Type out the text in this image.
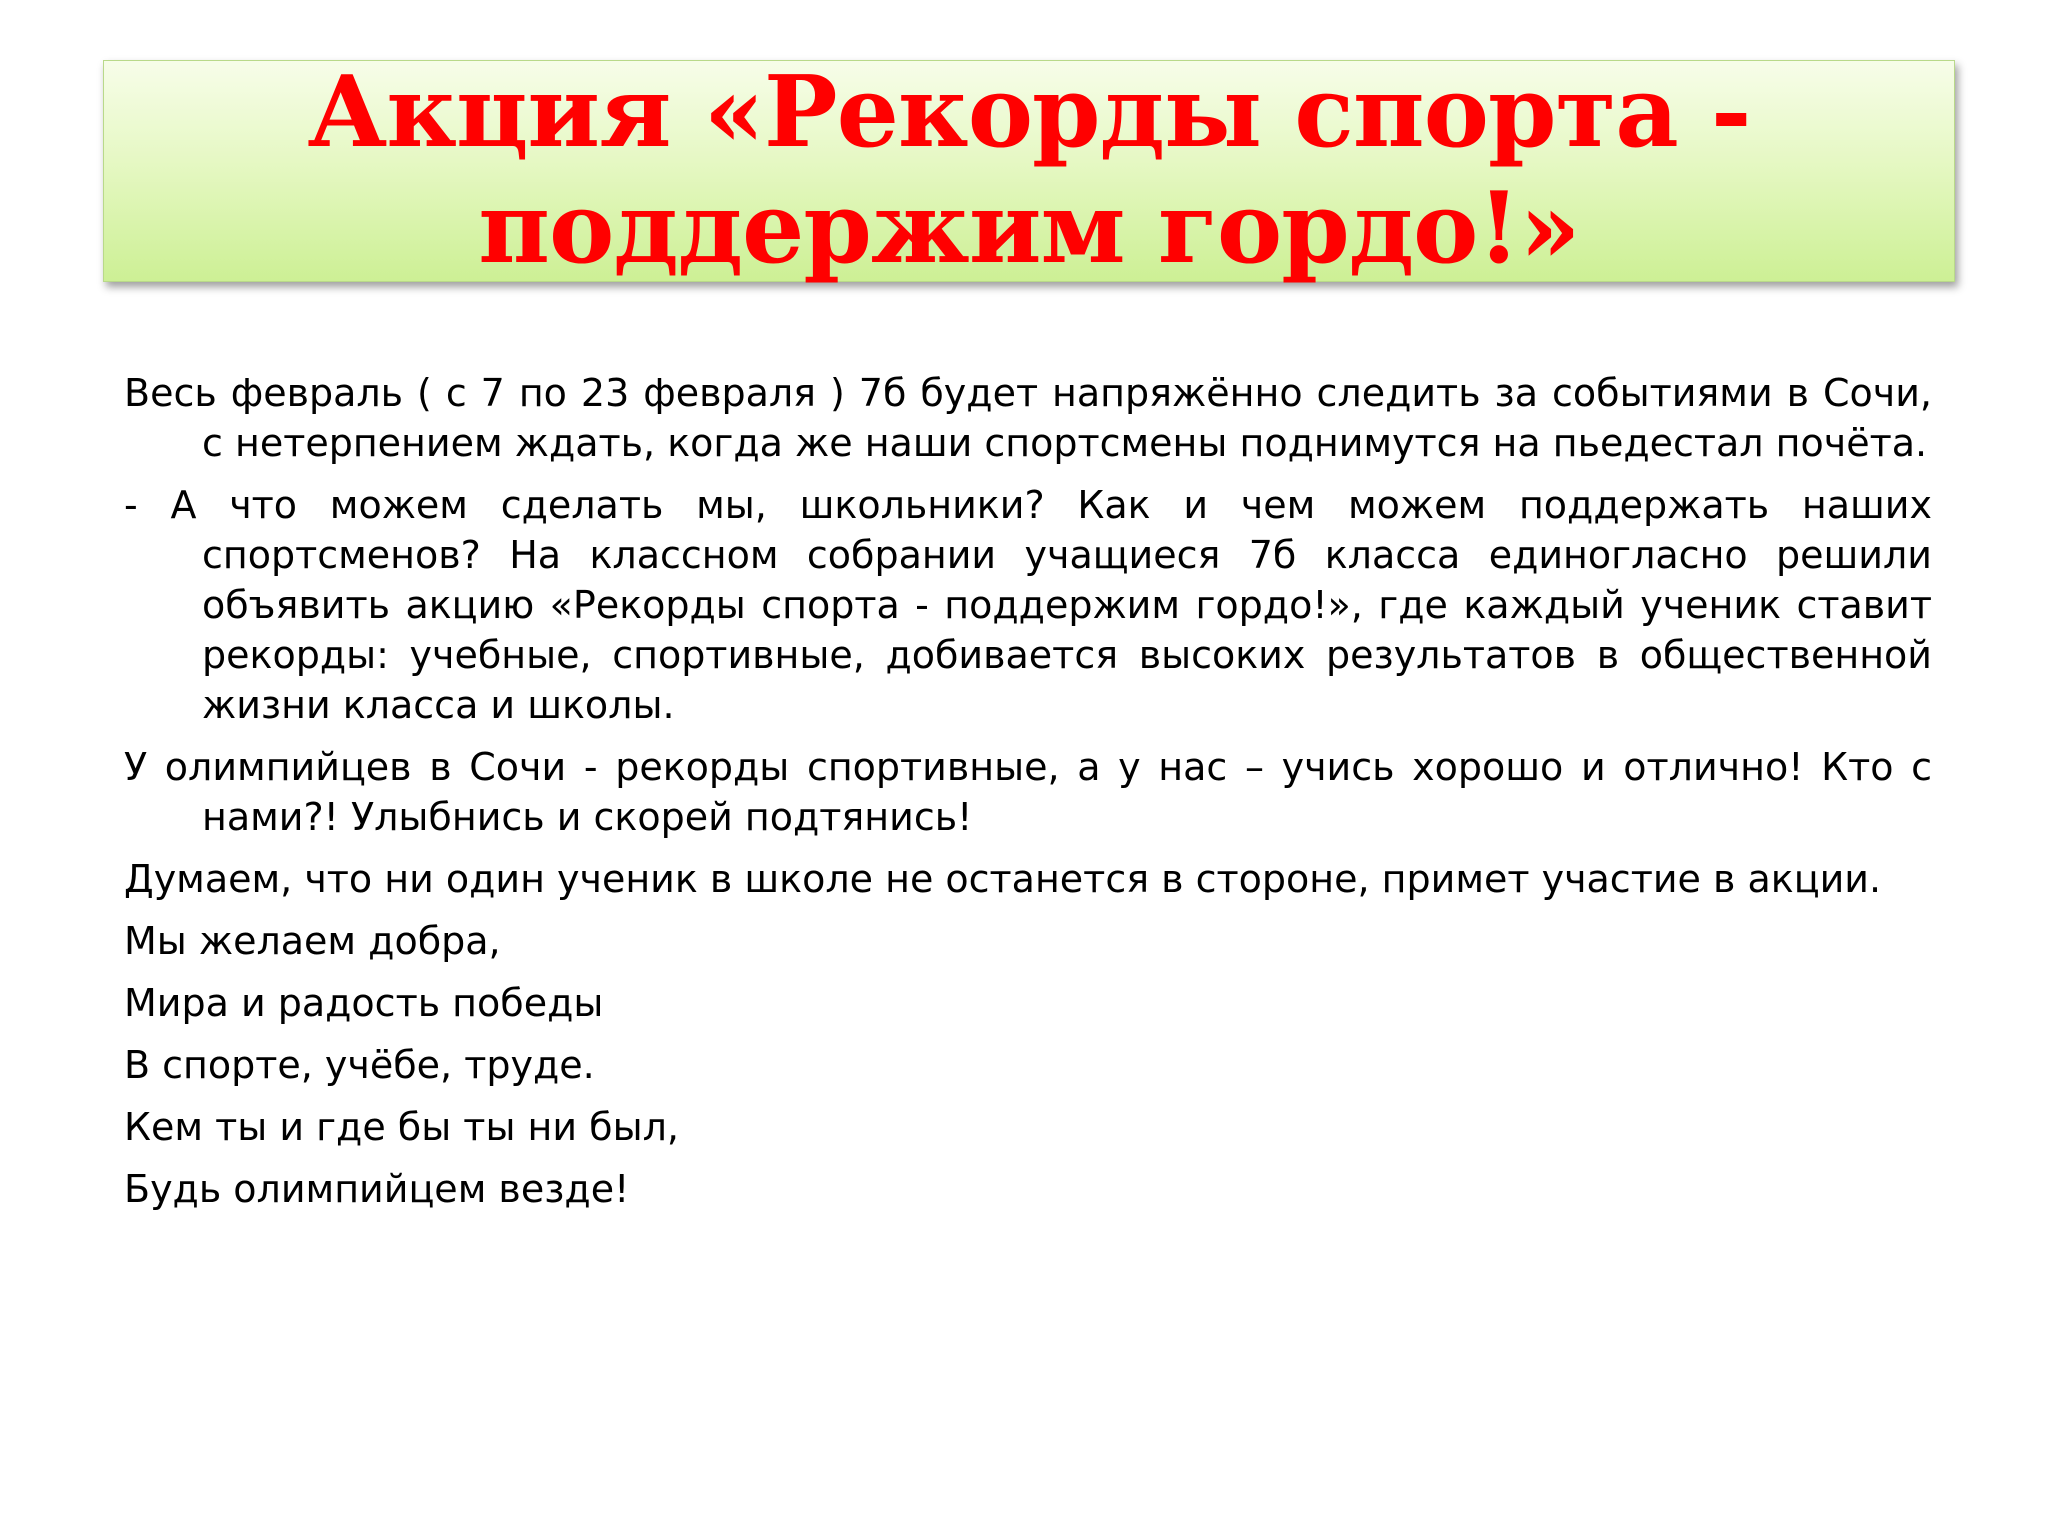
Акция «Рекорды спорта -
поддержим гордо!»

Весь февраль ( с 7 по 23 февраля ) 7б будет напряжённо следить за событиями в Сочи, с нетерпением ждать, когда же наши спортсмены поднимутся на пьедестал почёта.

- А что можем сделать мы, школьники? Как и чем можем поддержать наших спортсменов? На классном собрании учащиеся 7б класса единогласно решили объявить акцию «Рекорды спорта - поддержим гордо!», где каждый ученик ставит рекорды: учебные, спортивные, добивается высоких результатов в общественной жизни класса и школы.

У олимпийцев в Сочи - рекорды спортивные, а у нас – учись хорошо и отлично! Кто с нами?! Улыбнись и скорей подтянись!

Думаем, что ни один ученик в школе не останется в стороне, примет участие в акции.

Мы желаем добра,

Мира и радость победы

В спорте, учёбе, труде.

Кем ты и где бы ты ни был,

Будь олимпийцем везде!
